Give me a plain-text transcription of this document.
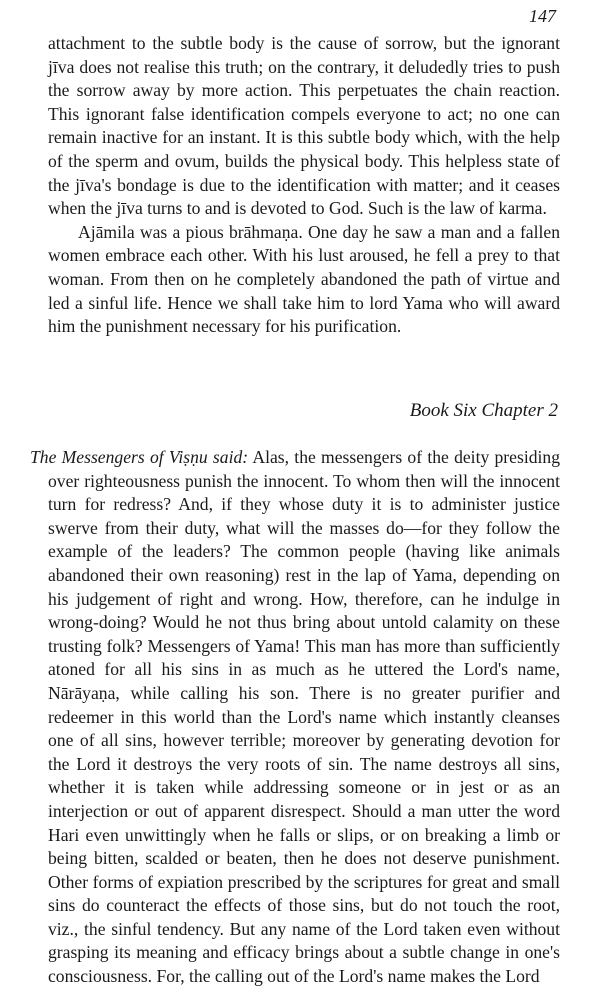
147

attachment to the subtle body is the cause of sorrow, but the ignorant jīva does not realise this truth; on the contrary, it deludedly tries to push the sorrow away by more action. This perpetuates the chain reaction. This ignorant false identification compels everyone to act; no one can remain inactive for an instant. It is this subtle body which, with the help of the sperm and ovum, builds the physical body. This helpless state of the jīva's bondage is due to the identification with matter; and it ceases when the jīva turns to and is devoted to God. Such is the law of karma.

Ajāmila was a pious brāhmaṇa. One day he saw a man and a fallen women embrace each other. With his lust aroused, he fell a prey to that woman. From then on he completely abandoned the path of virtue and led a sinful life. Hence we shall take him to lord Yama who will award him the punishment necessary for his purification.

Book Six Chapter 2

The Messengers of Viṣṇu said: Alas, the messengers of the deity presiding over righteousness punish the innocent. To whom then will the innocent turn for redress? And, if they whose duty it is to administer justice swerve from their duty, what will the masses do—for they follow the example of the leaders? The common people (having like animals abandoned their own reasoning) rest in the lap of Yama, depending on his judgement of right and wrong. How, therefore, can he indulge in wrong-doing? Would he not thus bring about untold calamity on these trusting folk? Messengers of Yama! This man has more than sufficiently atoned for all his sins in as much as he uttered the Lord's name, Nārāyaṇa, while calling his son. There is no greater purifier and redeemer in this world than the Lord's name which instantly cleanses one of all sins, however terrible; moreover by generating devotion for the Lord it destroys the very roots of sin. The name destroys all sins, whether it is taken while addressing someone or in jest or as an interjection or out of apparent disrespect. Should a man utter the word Hari even unwittingly when he falls or slips, or on breaking a limb or being bitten, scalded or beaten, then he does not deserve punishment. Other forms of expiation prescribed by the scriptures for great and small sins do counteract the effects of those sins, but do not touch the root, viz., the sinful tendency. But any name of the Lord taken even without grasping its meaning and efficacy brings about a subtle change in one's consciousness. For, the calling out of the Lord's name makes the Lord
